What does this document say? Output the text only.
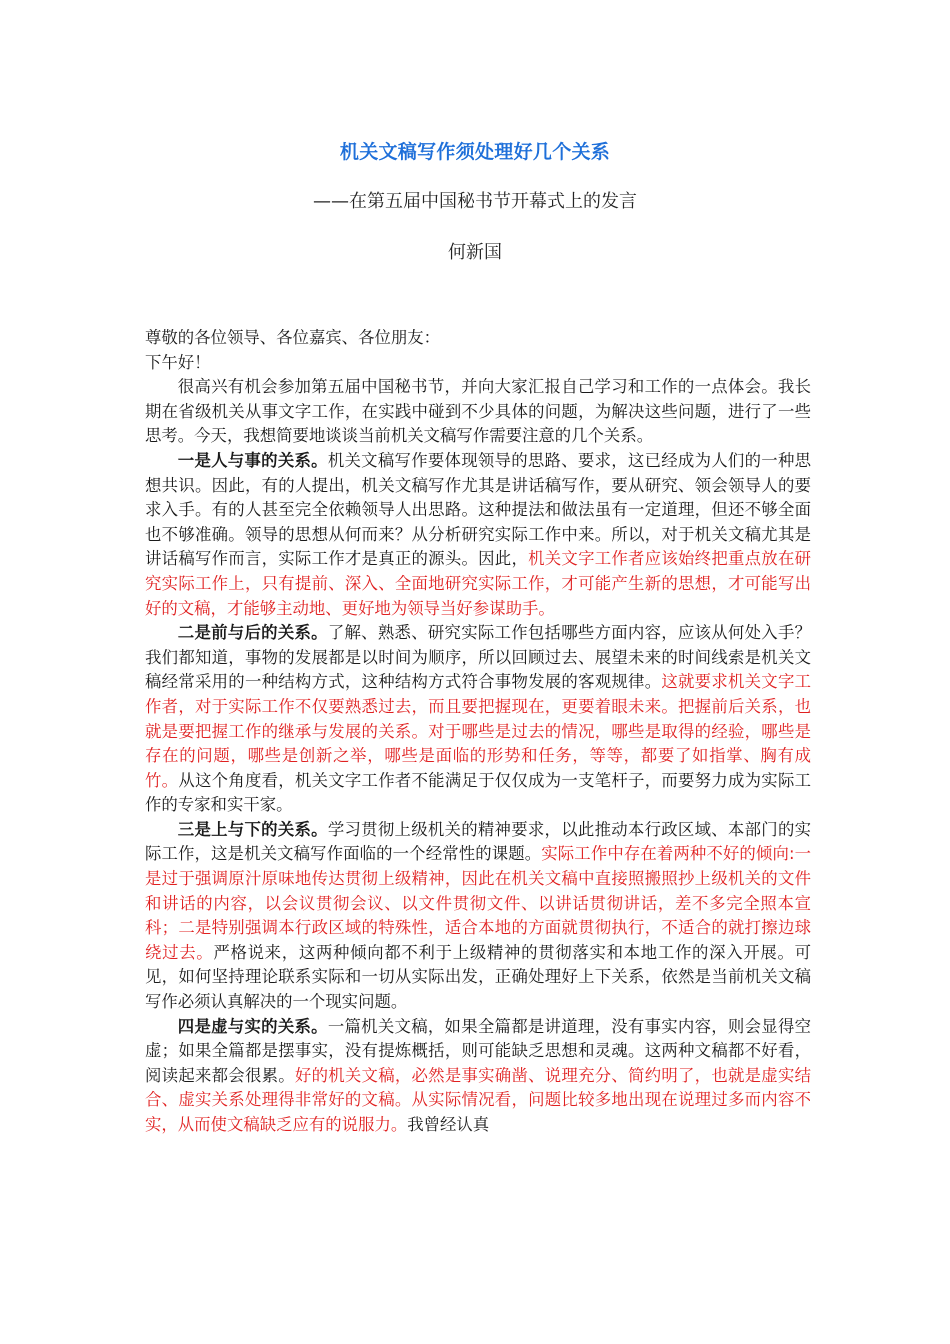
机关文稿写作须处理好几个关系
——在第五届中国秘书节开幕式上的发言
何新国

尊敬的各位领导、各位嘉宾、各位朋友：

下午好！

很高兴有机会参加第五届中国秘书节，并向大家汇报自己学习和工作的一点体会。我长期在省级机关从事文字工作，在实践中碰到不少具体的问题，为解决这些问题，进行了一些思考。今天，我想简要地谈谈当前机关文稿写作需要注意的几个关系。

一是人与事的关系。机关文稿写作要体现领导的思路、要求，这已经成为人们的一种思想共识。因此，有的人提出，机关文稿写作尤其是讲话稿写作，要从研究、领会领导人的要求入手。有的人甚至完全依赖领导人出思路。这种提法和做法虽有一定道理，但还不够全面也不够准确。领导的思想从何而来？从分析研究实际工作中来。所以，对于机关文稿尤其是讲话稿写作而言，实际工作才是真正的源头。因此，机关文字工作者应该始终把重点放在研究实际工作上，只有提前、深入、全面地研究实际工作，才可能产生新的思想，才可能写出好的文稿，才能够主动地、更好地为领导当好参谋助手。

二是前与后的关系。了解、熟悉、研究实际工作包括哪些方面内容，应该从何处入手？我们都知道，事物的发展都是以时间为顺序，所以回顾过去、展望未来的时间线索是机关文稿经常采用的一种结构方式，这种结构方式符合事物发展的客观规律。这就要求机关文字工作者，对于实际工作不仅要熟悉过去，而且要把握现在，更要着眼未来。把握前后关系，也就是要把握工作的继承与发展的关系。对于哪些是过去的情况，哪些是取得的经验，哪些是存在的问题，哪些是创新之举，哪些是面临的形势和任务，等等，都要了如指掌、胸有成竹。从这个角度看，机关文字工作者不能满足于仅仅成为一支笔杆子，而要努力成为实际工作的专家和实干家。

三是上与下的关系。学习贯彻上级机关的精神要求，以此推动本行政区域、本部门的实际工作，这是机关文稿写作面临的一个经常性的课题。实际工作中存在着两种不好的倾向:一是过于强调原汁原味地传达贯彻上级精神，因此在机关文稿中直接照搬照抄上级机关的文件和讲话的内容，以会议贯彻会议、以文件贯彻文件、以讲话贯彻讲话，差不多完全照本宣科；二是特别强调本行政区域的特殊性，适合本地的方面就贯彻执行，不适合的就打擦边球绕过去。严格说来，这两种倾向都不利于上级精神的贯彻落实和本地工作的深入开展。可见，如何坚持理论联系实际和一切从实际出发，正确处理好上下关系，依然是当前机关文稿写作必须认真解决的一个现实问题。

四是虚与实的关系。一篇机关文稿，如果全篇都是讲道理，没有事实内容，则会显得空虚；如果全篇都是摆事实，没有提炼概括，则可能缺乏思想和灵魂。这两种文稿都不好看，阅读起来都会很累。好的机关文稿，必然是事实确凿、说理充分、简约明了，也就是虚实结合、虚实关系处理得非常好的文稿。从实际情况看，问题比较多地出现在说理过多而内容不实，从而使文稿缺乏应有的说服力。我曾经认真
